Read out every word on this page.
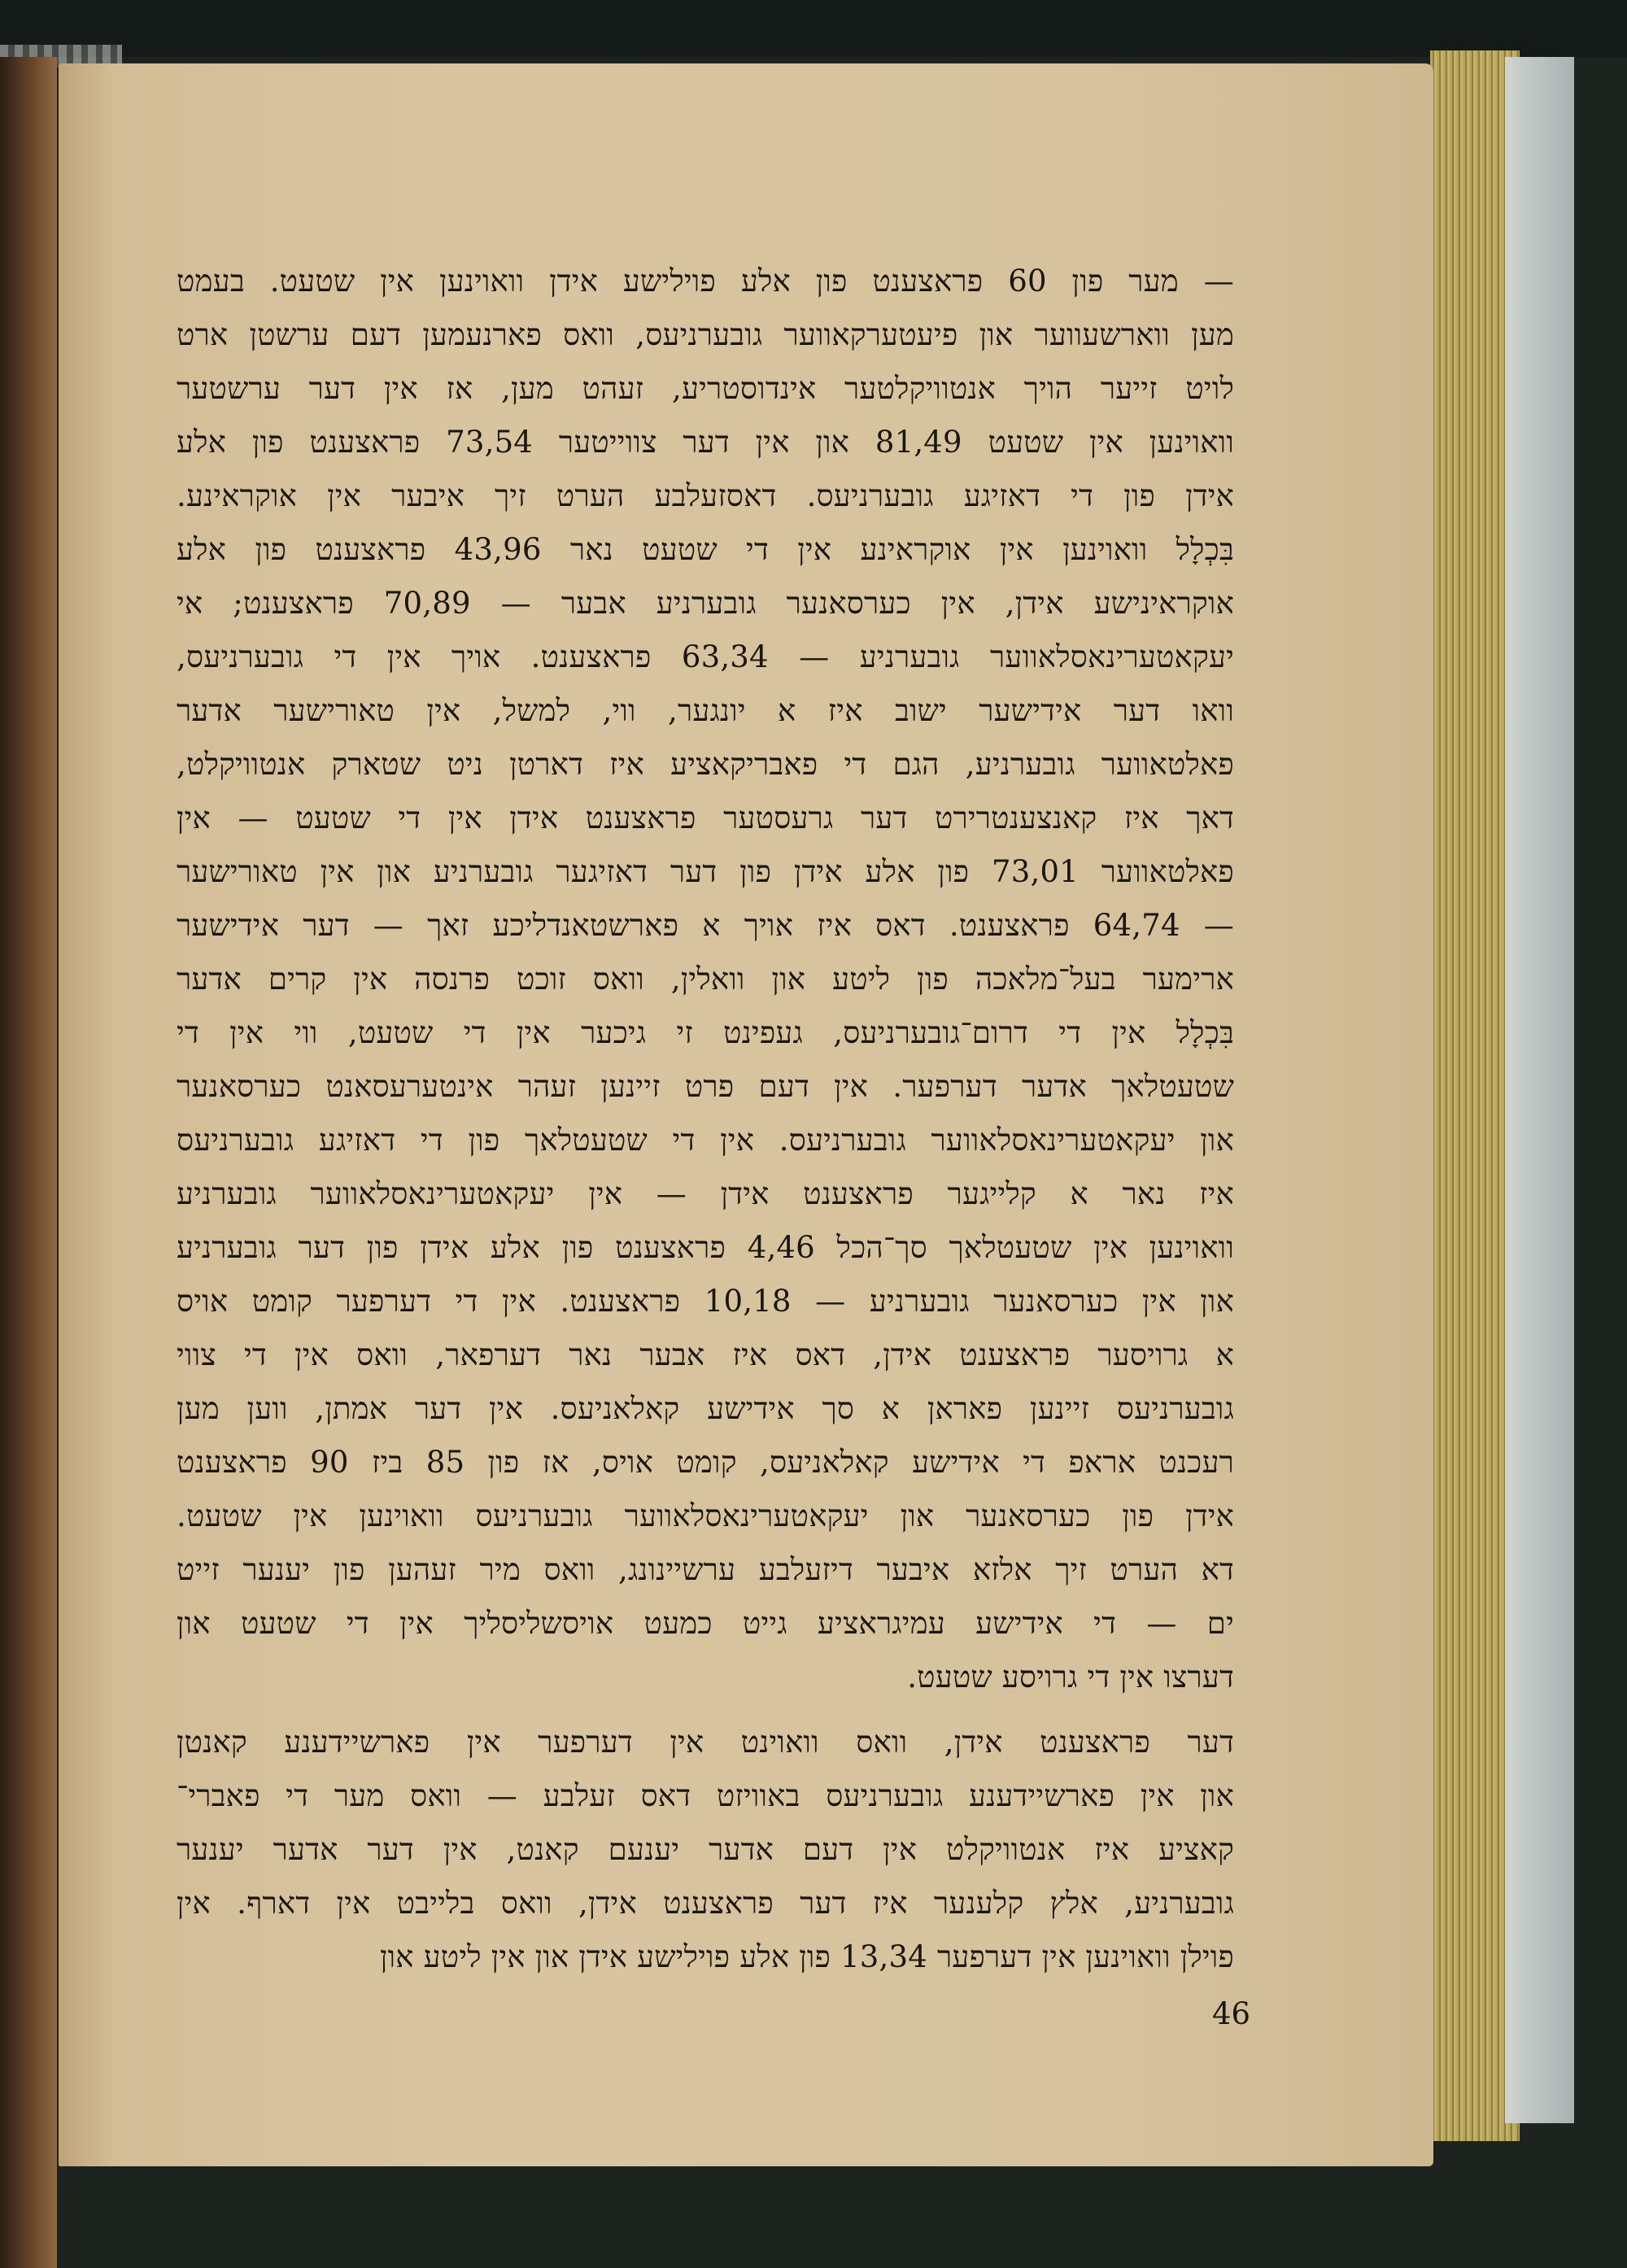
— מער פון 60 פראצענט פון אלע פוילישע אידן וואוינען אין שטעט. בעמט
מען ווארשעווער און פיעטערקאווער גובערניעס, וואס פארנעמען דעם ערשטן ארט
לויט זייער הויך אנטוויקלטער אינדוסטריע, זעהט מען, אז אין דער ערשטער
וואוינען אין שטעט 81,49 און אין דער צווייטער 73,54 פראצענט פון אלע
אידן פון די דאזיגע גובערניעס. דאסזעלבע הערט זיך איבער אין אוקראינע.
בִּכְלָל וואוינען אין אוקראינע אין די שטעט נאר 43,96 פראצענט פון אלע
אוקראינישע אידן, אין כערסאנער גובערניע אבער — 70,89 פראצענט; אי
יעקאטערינאסלאווער גובערניע — 63,34 פראצענט. אויך אין די גובערניעס,
וואו דער אידישער ישוב איז א יונגער, ווי, למשל, אין טאורישער אדער
פאלטאווער גובערניע, הגם די פאבריקאציע איז דארטן ניט שטארק אנטוויקלט,
דאך איז קאנצענטרירט דער גרעסטער פראצענט אידן אין די שטעט — אין
פאלטאווער 73,01 פון אלע אידן פון דער דאזיגער גובערניע און אין טאורישער
— 64,74 פראצענט. דאס איז אויך א פארשטאנדליכע זאך — דער אידישער
ארימער בעל־מלאכה פון ליטע און וואלין, וואס זוכט פרנסה אין קרים אדער
בִּכְלָל אין די דרום־גובערניעס, געפינט זי גיכער אין די שטעט, ווי אין די
שטעטלאך אדער דערפער. אין דעם פרט זיינען זעהר אינטערעסאנט כערסאנער
און יעקאטערינאסלאווער גובערניעס. אין די שטעטלאך פון די דאזיגע גובערניעס
איז נאר א קלייגער פראצענט אידן — אין יעקאטערינאסלאווער גובערניע
וואוינען אין שטעטלאך סך־הכל 4,46 פראצענט פון אלע אידן פון דער גובערניע
און אין כערסאנער גובערניע — 10,18 פראצענט. אין די דערפער קומט אויס
א גרויסער פראצענט אידן, דאס איז אבער נאר דערפאר, וואס אין די צווי
גובערניעס זיינען פאראן א סך אידישע קאלאניעס. אין דער אמתן, ווען מען
רעכנט אראפ די אידישע קאלאניעס, קומט אויס, אז פון 85 ביז 90 פראצענט
אידן פון כערסאנער און יעקאטערינאסלאווער גובערניעס וואוינען אין שטעט.
דא הערט זיך אלזא איבער דיזעלבע ערשיינונג, וואס מיר זעהען פון יענער זייט
ים — די אידישע עמיגראציע גייט כמעט אויסשליסליך אין די שטעט און
דערצו אין די גרויסע שטעט.
דער פראצענט אידן, וואס וואוינט אין דערפער אין פארשיידענע קאנטן
און אין פארשיידענע גובערניעס באוויזט דאס זעלבע — וואס מער די פאברי־
קאציע איז אנטוויקלט אין דעם אדער יענעם קאנט, אין דער אדער יענער
גובערניע, אלץ קלענער איז דער פראצענט אידן, וואס בלייבט אין דארף. אין
פוילן וואוינען אין דערפער 13,34 פון אלע פוילישע אידן און אין ליטע און
46
